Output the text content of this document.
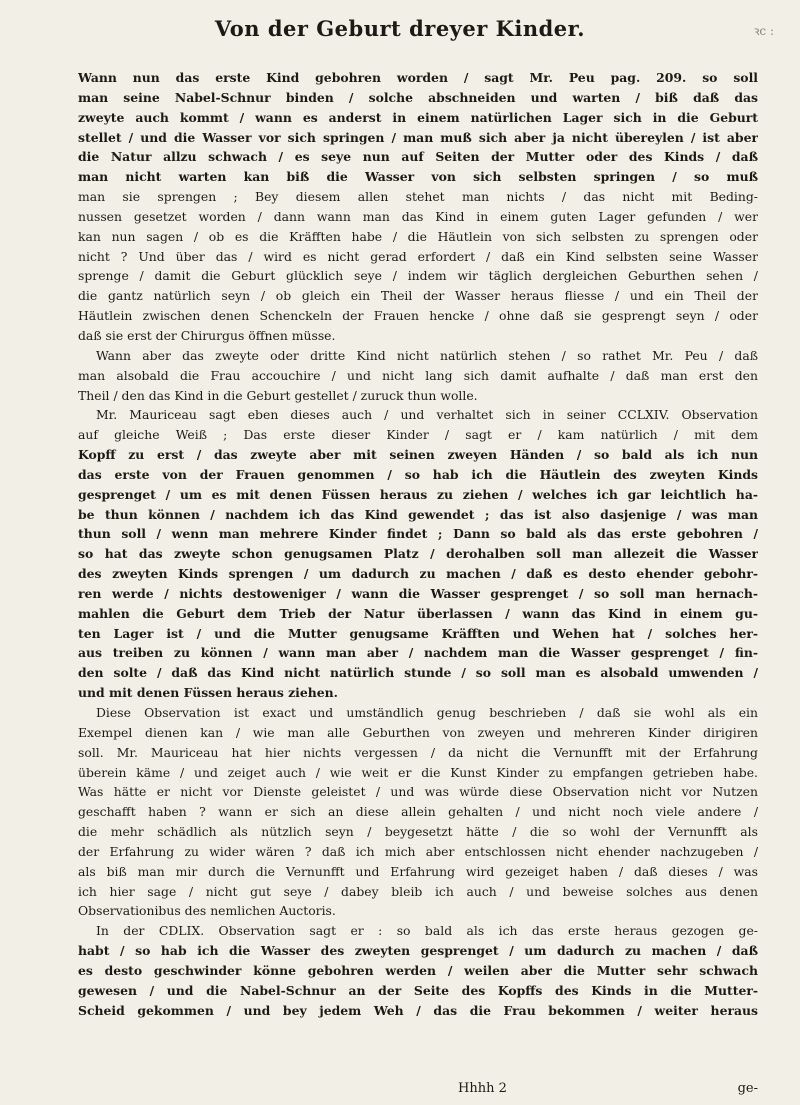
Von der Geburt dreyer Kinder.	ꝛc :
Wann nun das erste Kind gebohren worden / sagt Mr. Peu pag. 209. so soll
man seine Nabel-Schnur binden / solche abschneiden und warten / biß daß das
zweyte auch kommt / wann es anderst in einem natürlichen Lager sich in die Geburt
stellet / und die Wasser vor sich springen / man muß sich aber ja nicht übereylen / ist aber
die Natur allzu schwach / es seye nun auf Seiten der Mutter oder des Kinds / daß
man nicht warten kan biß die Wasser von sich selbsten springen / so muß
man sie sprengen ; Bey diesem allen stehet man nichts / das nicht mit Beding-
nussen gesetzet worden / dann wann man das Kind in einem guten Lager gefunden / wer
kan nun sagen / ob es die Kräfften habe / die Häutlein von sich selbsten zu sprengen oder
nicht ? Und über das / wird es nicht gerad erfordert / daß ein Kind selbsten seine Wasser
sprenge / damit die Geburt glücklich seye / indem wir täglich dergleichen Geburthen sehen /
die gantz natürlich seyn / ob gleich ein Theil der Wasser heraus fliesse / und ein Theil der
Häutlein zwischen denen Schenckeln der Frauen hencke / ohne daß sie gesprengt seyn / oder
daß sie erst der Chirurgus öffnen müsse.
Wann aber das zweyte oder dritte Kind nicht natürlich stehen / so rathet Mr. Peu / daß
man alsobald die Frau accouchire / und nicht lang sich damit aufhalte / daß man erst den
Theil / den das Kind in die Geburt gestellet / zuruck thun wolle.
Mr. Mauriceau sagt eben dieses auch / und verhaltet sich in seiner CCLXIV. Observation
auf gleiche Weiß ; Das erste dieser Kinder / sagt er / kam natürlich / mit dem
Kopff zu erst / das zweyte aber mit seinen zweyen Händen / so bald als ich nun
das erste von der Frauen genommen / so hab ich die Häutlein des zweyten Kinds
gesprenget / um es mit denen Füssen heraus zu ziehen / welches ich gar leichtlich ha-
be thun können / nachdem ich das Kind gewendet ; das ist also dasjenige / was man
thun soll / wenn man mehrere Kinder findet ; Dann so bald als das erste gebohren /
so hat das zweyte schon genugsamen Platz / derohalben soll man allezeit die Wasser
des zweyten Kinds sprengen / um dadurch zu machen / daß es desto ehender gebohr-
ren werde / nichts destoweniger / wann die Wasser gesprenget / so soll man hernach-
mahlen die Geburt dem Trieb der Natur überlassen / wann das Kind in einem gu-
ten Lager ist / und die Mutter genugsame Kräfften und Wehen hat / solches her-
aus treiben zu können / wann man aber / nachdem man die Wasser gesprenget / fin-
den solte / daß das Kind nicht natürlich stunde / so soll man es alsobald umwenden /
und mit denen Füssen heraus ziehen.
Diese Observation ist exact und umständlich genug beschrieben / daß sie wohl als ein
Exempel dienen kan / wie man alle Geburthen von zweyen und mehreren Kinder dirigiren
soll. Mr. Mauriceau hat hier nichts vergessen / da nicht die Vernunfft mit der Erfahrung
überein käme / und zeiget auch / wie weit er die Kunst Kinder zu empfangen getrieben habe.
Was hätte er nicht vor Dienste geleistet / und was würde diese Observation nicht vor Nutzen
geschafft haben ? wann er sich an diese allein gehalten / und nicht noch viele andere /
die mehr schädlich als nützlich seyn / beygesetzt hätte / die so wohl der Vernunfft als
der Erfahrung zu wider wären ? daß ich mich aber entschlossen nicht ehender nachzugeben /
als biß man mir durch die Vernunfft und Erfahrung wird gezeiget haben / daß dieses / was
ich hier sage / nicht gut seye / dabey bleib ich auch / und beweise solches aus denen
Observationibus des nemlichen Auctoris.
In der CDLIX. Observation sagt er : so bald als ich das erste heraus gezogen ge-
habt / so hab ich die Wasser des zweyten gesprenget / um dadurch zu machen / daß
es desto geschwinder könne gebohren werden / weilen aber die Mutter sehr schwach
gewesen / und die Nabel-Schnur an der Seite des Kopffs des Kinds in die Mutter-
Scheid gekommen / und bey jedem Weh / das die Frau bekommen / weiter heraus
Hhhh 2	ge-
